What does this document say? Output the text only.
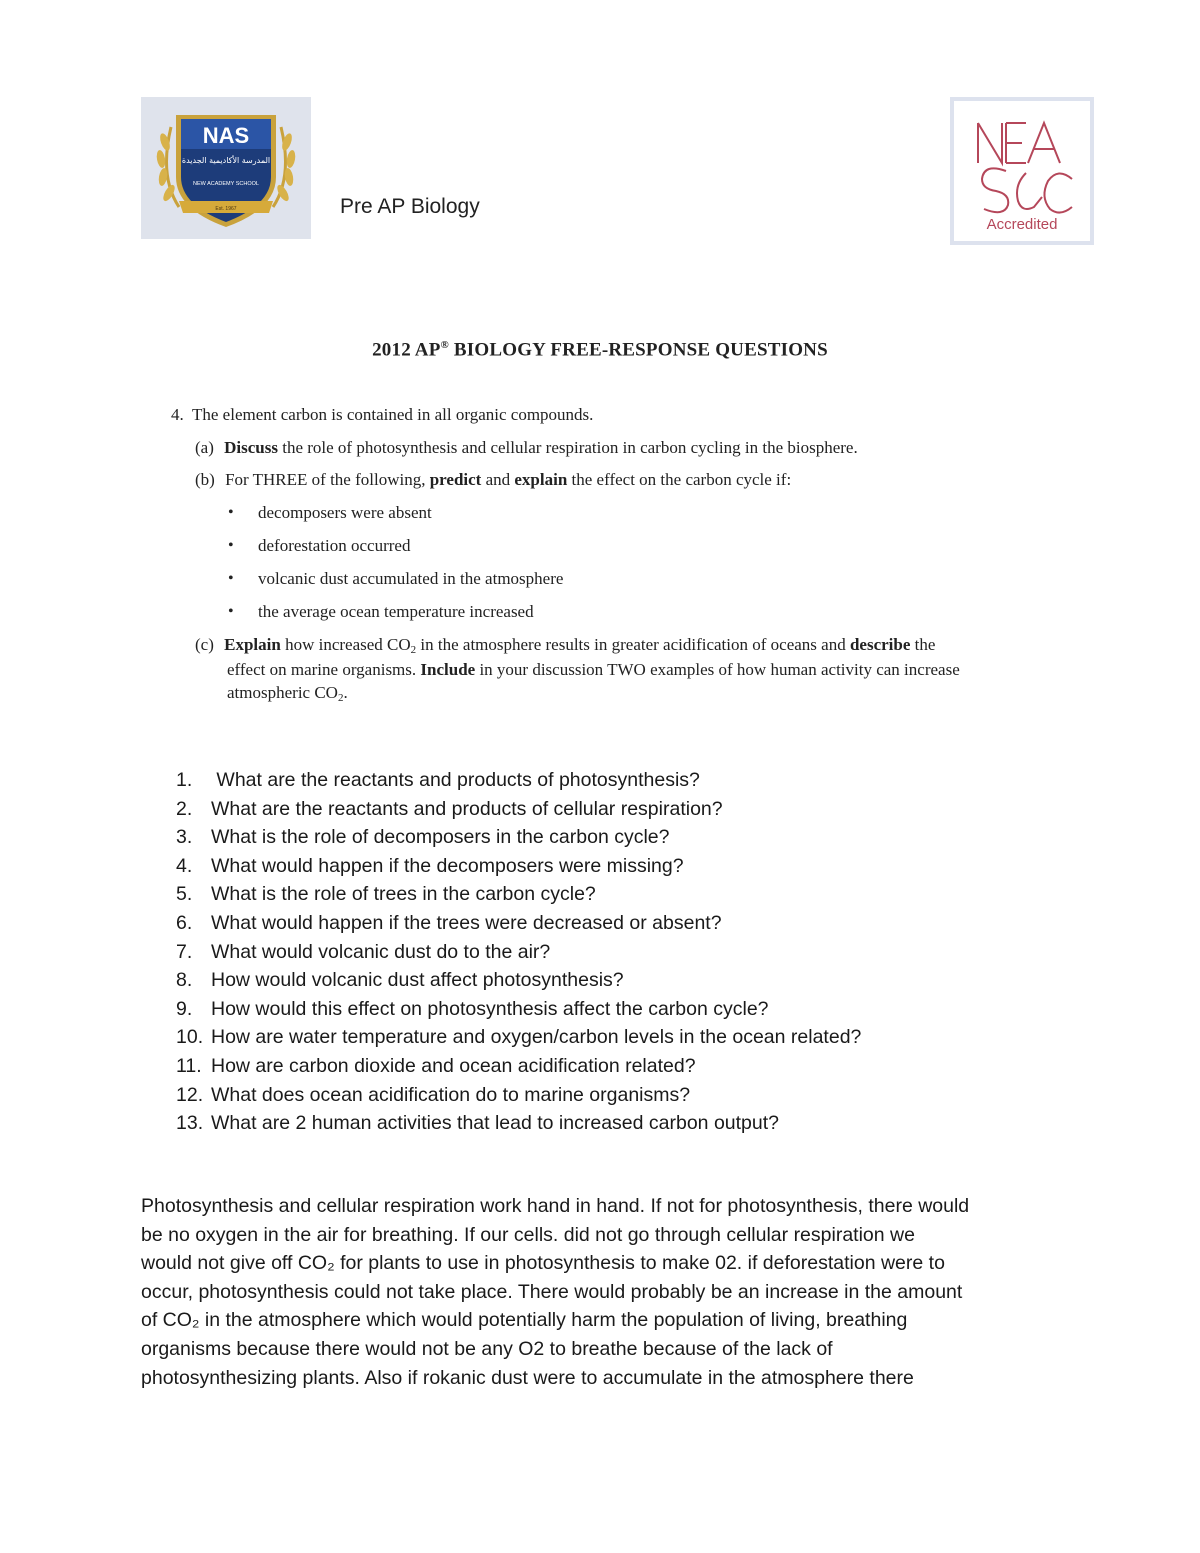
NAS
المدرسة الأكاديمية الجديدة
NEW ACADEMY SCHOOL
Est. 1967	Pre AP Biology
Accredited
2012 AP® BIOLOGY FREE-RESPONSE QUESTIONS
4. The element carbon is contained in all organic compounds.
(a) Discuss the role of photosynthesis and cellular respiration in carbon cycling in the biosphere.
(b) For THREE of the following, predict and explain the effect on the carbon cycle if:
• decomposers were absent
• deforestation occurred
• volcanic dust accumulated in the atmosphere
• the average ocean temperature increased
(c) Explain how increased $CO_2$ in the atmosphere results in greater acidification of oceans and describe the
effect on marine organisms. Include in your discussion TWO examples of how human activity can increase
atmospheric $CO_2$.
1. What are the reactants and products of photosynthesis?
2. What are the reactants and products of cellular respiration?
3. What is the role of decomposers in the carbon cycle?
4. What would happen if the decomposers were missing?
5. What is the role of trees in the carbon cycle?
6. What would happen if the trees were decreased or absent?
7. What would volcanic dust do to the air?
8. How would volcanic dust affect photosynthesis?
9. How would this effect on photosynthesis affect the carbon cycle?
10. How are water temperature and oxygen/carbon levels in the ocean related?
11. How are carbon dioxide and ocean acidification related?
12. What does ocean acidification do to marine organisms?
13. What are 2 human activities that lead to increased carbon output?
Photosynthesis and cellular respiration work hand in hand. If not for photosynthesis, there would
be no oxygen in the air for breathing. If our cells. did not go through cellular respiration we
would not give off CO₂ for plants to use in photosynthesis to make 02. if deforestation were to
occur, photosynthesis could not take place. There would probably be an increase in the amount
of CO₂ in the atmosphere which would potentially harm the population of living, breathing
organisms because there would not be any O2 to breathe because of the lack of
photosynthesizing plants. Also if rokanic dust were to accumulate in the atmosphere there
